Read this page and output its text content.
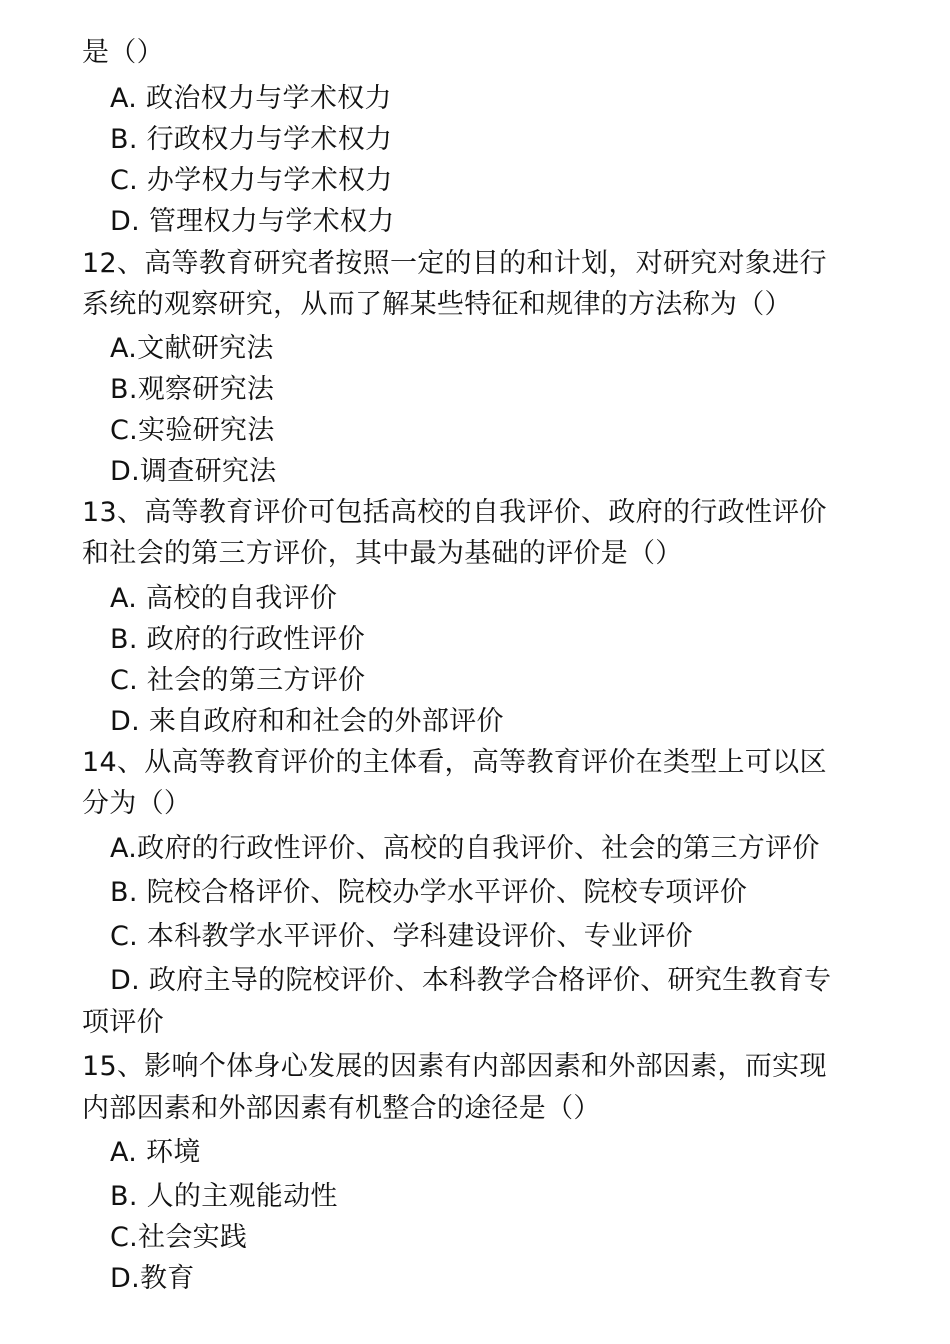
是（）
A. 政治权力与学术权力
B. 行政权力与学术权力
C. 办学权力与学术权力
D. 管理权力与学术权力
12、高等教育研究者按照一定的目的和计划，对研究对象进行
系统的观察研究，从而了解某些特征和规律的方法称为（）
A.文献研究法
B.观察研究法
C.实验研究法
D.调查研究法
13、高等教育评价可包括高校的自我评价、政府的行政性评价
和社会的第三方评价，其中最为基础的评价是（）
A. 高校的自我评价
B. 政府的行政性评价
C. 社会的第三方评价
D. 来自政府和和社会的外部评价
14、从高等教育评价的主体看，高等教育评价在类型上可以区
分为（）
A.政府的行政性评价、高校的自我评价、社会的第三方评价
B. 院校合格评价、院校办学水平评价、院校专项评价
C. 本科教学水平评价、学科建设评价、专业评价
D. 政府主导的院校评价、本科教学合格评价、研究生教育专
项评价
15、影响个体身心发展的因素有内部因素和外部因素，而实现
内部因素和外部因素有机整合的途径是（）
A. 环境
B. 人的主观能动性
C.社会实践
D.教育
